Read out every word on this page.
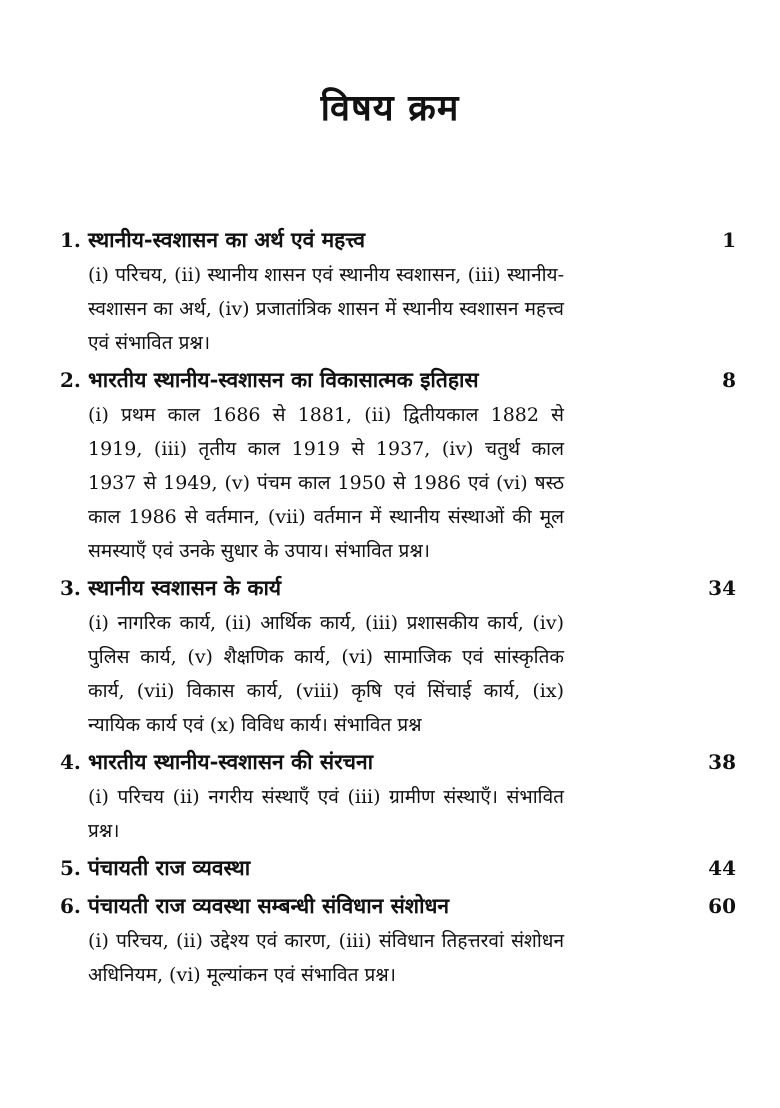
विषय क्रम
1. स्थानीय-स्वशासन का अर्थ एवं महत्त्व	1
(i) परिचय, (ii) स्थानीय शासन एवं स्थानीय स्वशासन, (iii) स्थानीय-स्वशासन का अर्थ, (iv) प्रजातांत्रिक शासन में स्थानीय स्वशासन महत्त्व एवं संभावित प्रश्न।
2. भारतीय स्थानीय-स्वशासन का विकासात्मक इतिहास	8
(i) प्रथम काल 1686 से 1881, (ii) द्वितीयकाल 1882 से 1919, (iii) तृतीय काल 1919 से 1937, (iv) चतुर्थ काल 1937 से 1949, (v) पंचम काल 1950 से 1986 एवं (vi) षस्ठ काल 1986 से वर्तमान, (vii) वर्तमान में स्थानीय संस्थाओं की मूल समस्याएँ एवं उनके सुधार के उपाय। संभावित प्रश्न।
3. स्थानीय स्वशासन के कार्य	34
(i) नागरिक कार्य, (ii) आर्थिक कार्य, (iii) प्रशासकीय कार्य, (iv) पुलिस कार्य, (v) शैक्षणिक कार्य, (vi) सामाजिक एवं सांस्कृतिक कार्य, (vii) विकास कार्य, (viii) कृषि एवं सिंचाई कार्य, (ix) न्यायिक कार्य एवं (x) विविध कार्य। संभावित प्रश्न
4. भारतीय स्थानीय-स्वशासन की संरचना	38
(i) परिचय (ii) नगरीय संस्थाएँ एवं (iii) ग्रामीण संस्थाएँ। संभावित प्रश्न।
5. पंचायती राज व्यवस्था	44
6. पंचायती राज व्यवस्था सम्बन्धी संविधान संशोधन	60
(i) परिचय, (ii) उद्देश्य एवं कारण, (iii) संविधान तिहत्तरवां संशोधन अधिनियम, (vi) मूल्यांकन एवं संभावित प्रश्न।
